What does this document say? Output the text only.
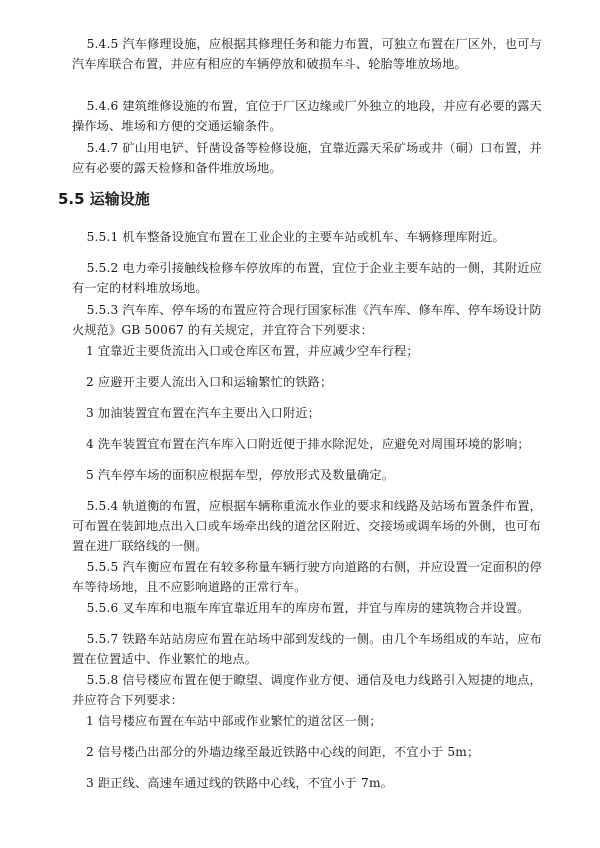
5.4.5 汽车修理设施，应根据其修理任务和能力布置，可独立布置在厂区外，也可与汽车库联合布置，并应有相应的车辆停放和破损车斗、轮胎等堆放场地。

5.4.6 建筑维修设施的布置，宜位于厂区边缘或厂外独立的地段，并应有必要的露天操作场、堆场和方便的交通运输条件。

5.4.7 矿山用电铲、钎凿设备等检修设施，宜靠近露天采矿场或井（硐）口布置，并应有必要的露天检修和备件堆放场地。

5.5 运输设施

5.5.1 机车整备设施宜布置在工业企业的主要车站或机车、车辆修理库附近。

5.5.2 电力牵引接触线检修车停放库的布置，宜位于企业主要车站的一侧，其附近应有一定的材料堆放场地。

5.5.3 汽车库、停车场的布置应符合现行国家标准《汽车库、修车库、停车场设计防火规范》GB 50067 的有关规定，并宜符合下列要求：

1 宜靠近主要货流出入口或仓库区布置，并应减少空车行程；

2 应避开主要人流出入口和运输繁忙的铁路；

3 加油装置宜布置在汽车主要出入口附近；

4 洗车装置宜布置在汽车库入口附近便于排水除泥处，应避免对周围环境的影响；

5 汽车停车场的面积应根据车型，停放形式及数量确定。

5.5.4 轨道衡的布置，应根据车辆称重流水作业的要求和线路及站场布置条件布置，可布置在装卸地点出入口或车场牵出线的道岔区附近、交接场或调车场的外侧，也可布置在进厂联络线的一侧。

5.5.5 汽车衡应布置在有较多称量车辆行驶方向道路的右侧，并应设置一定面积的停车等待场地，且不应影响道路的正常行车。

5.5.6 叉车库和电瓶车库宜靠近用车的库房布置，并宜与库房的建筑物合并设置。

5.5.7 铁路车站站房应布置在站场中部到发线的一侧。由几个车场组成的车站，应布置在位置适中、作业繁忙的地点。

5.5.8 信号楼应布置在便于瞭望、调度作业方便、通信及电力线路引入短捷的地点，并应符合下列要求：

1 信号楼应布置在车站中部或作业繁忙的道岔区一侧；

2 信号楼凸出部分的外墙边缘至最近铁路中心线的间距，不宜小于 5m；

3 距正线、高速车通过线的铁路中心线，不宜小于 7m。
